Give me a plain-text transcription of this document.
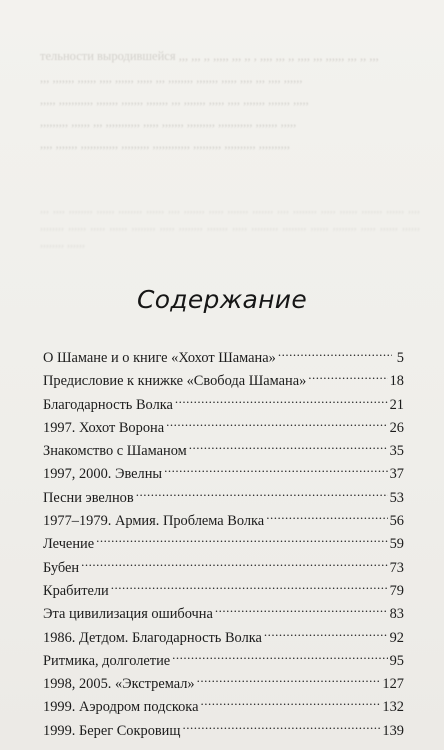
тельности выродившейся ,,, ,,, ,, ,,,,, ,,, ,, , ,,,, ,,, ,, ,,,, ,,, ,,,,,, ,,, ,, ,,,

,,, ,,,,,,, ,,,,,, ,,,, ,,,,,, ,,,,, ,,, ,,,,,,,, ,,,,,,, ,,,,, ,,,, ,,, ,,,, ,,,,,,

,,,,, ,,,,,,,,,,, ,,,,,,, ,,,,,,, ,,,,,,, ,,, ,,,,,,, ,,,,, ,,,, ,,,,,,, ,,,,,,, ,,,,,

,,,,,,,,, ,,,,,, ,,, ,,,,,,,,,,, ,,,,, ,,,,,,, ,,,,,,,,, ,,,,,,,,,,, ,,,,,,, ,,,,,

,,,, ,,,,,,, ,,,,,,,,,,,, ,,,,,,,,, ,,,,,,,,,,,, ,,,,,,,,, ,,,,,,,,,, ,,,,,,,,,,

,,, ,,,, ,,,,,,,, ,,,,,, ,,,,,,,, ,,,,,, ,,,, ,,,,,,, ,,,,, ,,,,,,, ,,,,,,, ,,,, ,,,,,,,, ,,,,, ,,,,,, ,,,,,,, ,,,,,, ,,,, ,,,,,,,, ,,,,,, ,,,,, ,,,,,, ,,,,,,,, ,,,,, ,,,,,,,, ,,,,,,, ,,,,, ,,,,,,,,, ,,,,,,,, ,,,,,, ,,,,,,,, ,,,,, ,,,,,, ,,,,,, ,,,,,,,, ,,,,,,
Содержание
О Шамане и о книге «Хохот Шамана» .....	5
Предисловие к книжке «Свобода Шамана» .....	18
Благодарность Волка .....	21
1997. Хохот Ворона .....	26
Знакомство с Шаманом .....	35
1997, 2000. Эвелны .....	37
Песни эвелнов .....	53
1977–1979. Армия. Проблема Волка .....	56
Лечение .....	59
Бубен .....	73
Крабители .....	79
Эта цивилизация ошибочна .....	83
1986. Детдом. Благодарность Волка .....	92
Ритмика, долголетие .....	95
1998, 2005. «Экстремал» .....	127
1999. Аэродром подскока .....	132
1999. Берег Сокровищ .....	139
